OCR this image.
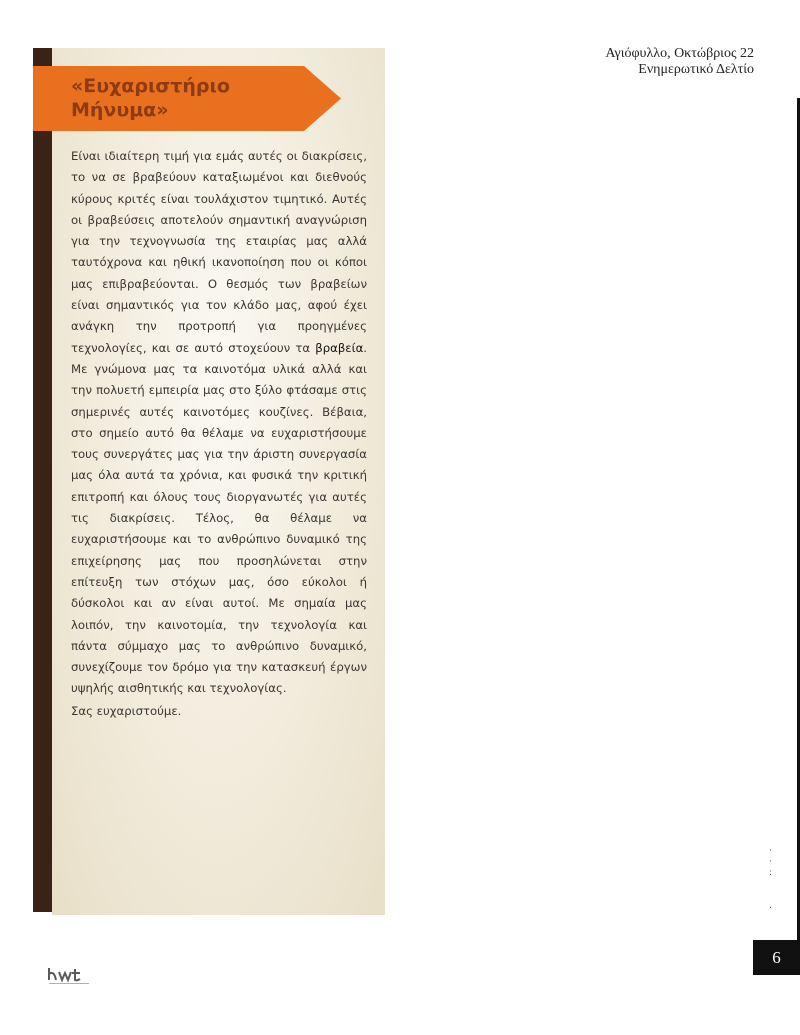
Αγιόφυλλο, Οκτώβριος 22
Ενημερωτικό Δελτίο
«Ευχαριστήριο Μήνυμα»

Είναι ιδιαίτερη τιμή για εμάς αυτές οι διακρίσεις, το να σε βραβεύουν καταξιωμένοι και διεθνούς κύρους κριτές είναι τουλάχιστον τιμητικό. Αυτές οι βραβεύσεις αποτελούν σημαντική αναγνώριση για την τεχνογνωσία της εταιρίας μας αλλά ταυτόχρονα και ηθική ικανοποίηση που οι κόποι μας επιβραβεύονται. Ο θεσμός των βραβείων είναι σημαντικός για τον κλάδο μας, αφού έχει ανάγκη την προτροπή για προηγμένες τεχνολογίες, και σε αυτό στοχεύουν τα βραβεία. Με γνώμονα μας τα καινοτόμα υλικά αλλά και την πολυετή εμπειρία μας στο ξύλο φτάσαμε στις σημερινές αυτές καινοτόμες κουζίνες. Βέβαια, στο σημείο αυτό θα θέλαμε να ευχαριστήσουμε τους συνεργάτες μας για την άριστη συνεργασία μας όλα αυτά τα χρόνια, και φυσικά την κριτική επιτροπή και όλους τους διοργανωτές για αυτές τις διακρίσεις. Τέλος, θα θέλαμε να ευχαριστήσουμε και το ανθρώπινο δυναμικό της επιχείρησης μας που προσηλώνεται στην επίτευξη των στόχων μας, όσο εύκολοι ή δύσκολοι και αν είναι αυτοί. Με σημαία μας λοιπόν, την καινοτομία, την τεχνολογία και πάντα σύμμαχο μας το ανθρώπινο δυναμικό, συνεχίζουμε τον δρόμο για την κατασκευή έργων υψηλής αισθητικής και τεχνολογίας.

Σας ευχαριστούμε.

·
·
:

.
6
